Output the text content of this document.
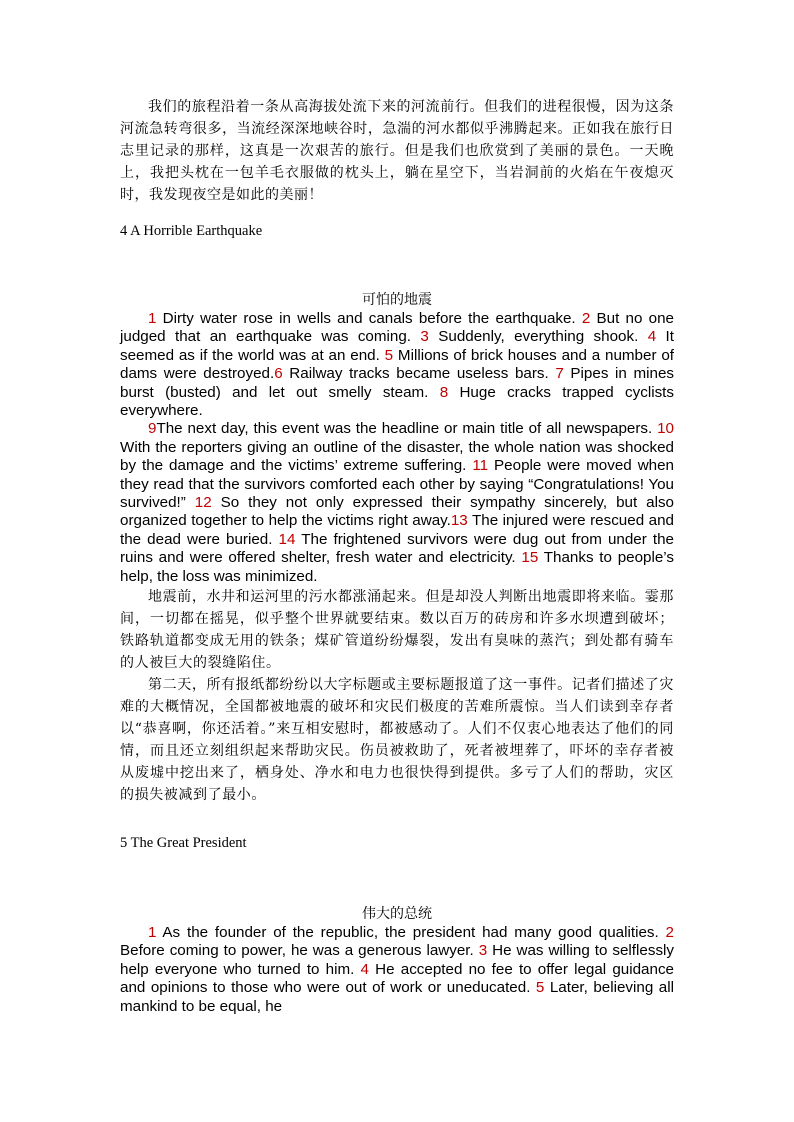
我们的旅程沿着一条从高海拔处流下来的河流前行。但我们的进程很慢，因为这条河流急转弯很多，当流经深深地峡谷时，急湍的河水都似乎沸腾起来。正如我在旅行日志里记录的那样，这真是一次艰苦的旅行。但是我们也欣赏到了美丽的景色。一天晚上，我把头枕在一包羊毛衣服做的枕头上，躺在星空下，当岩洞前的火焰在午夜熄灭时，我发现夜空是如此的美丽！
4 A Horrible Earthquake
可怕的地震

1 Dirty water rose in wells and canals before the earthquake. 2 But no one judged that an earthquake was coming. 3 Suddenly, everything shook. 4 It seemed as if the world was at an end. 5 Millions of brick houses and a number of dams were destroyed.6 Railway tracks became useless bars. 7 Pipes in mines burst (busted) and let out smelly steam. 8 Huge cracks trapped cyclists everywhere.

9The next day, this event was the headline or main title of all newspapers. 10 With the reporters giving an outline of the disaster, the whole nation was shocked by the damage and the victims’ extreme suffering. 11 People were moved when they read that the survivors comforted each other by saying “Congratulations! You survived!” 12 So they not only expressed their sympathy sincerely, but also organized together to help the victims right away.13 The injured were rescued and the dead were buried. 14 The frightened survivors were dug out from under the ruins and were offered shelter, fresh water and electricity. 15 Thanks to people’s help, the loss was minimized.

地震前，水井和运河里的污水都涨涌起来。但是却没人判断出地震即将来临。霎那间，一切都在摇晃，似乎整个世界就要结束。数以百万的砖房和许多水坝遭到破坏；铁路轨道都变成无用的铁条；煤矿管道纷纷爆裂，发出有臭味的蒸汽；到处都有骑车的人被巨大的裂缝陷住。

第二天，所有报纸都纷纷以大字标题或主要标题报道了这一事件。记者们描述了灾难的大概情况，全国都被地震的破坏和灾民们极度的苦难所震惊。当人们读到幸存者以“恭喜啊，你还活着。”来互相安慰时，都被感动了。人们不仅衷心地表达了他们的同情，而且还立刻组织起来帮助灾民。伤员被救助了，死者被埋葬了，吓坏的幸存者被从废墟中挖出来了，栖身处、净水和电力也很快得到提供。多亏了人们的帮助，灾区的损失被减到了最小。

5 The Great President
伟大的总统

1 As the founder of the republic, the president had many good qualities. 2 Before coming to power, he was a generous lawyer. 3 He was willing to selflessly help everyone who turned to him. 4 He accepted no fee to offer legal guidance and opinions to those who were out of work or uneducated. 5 Later, believing all mankind to be equal, he
